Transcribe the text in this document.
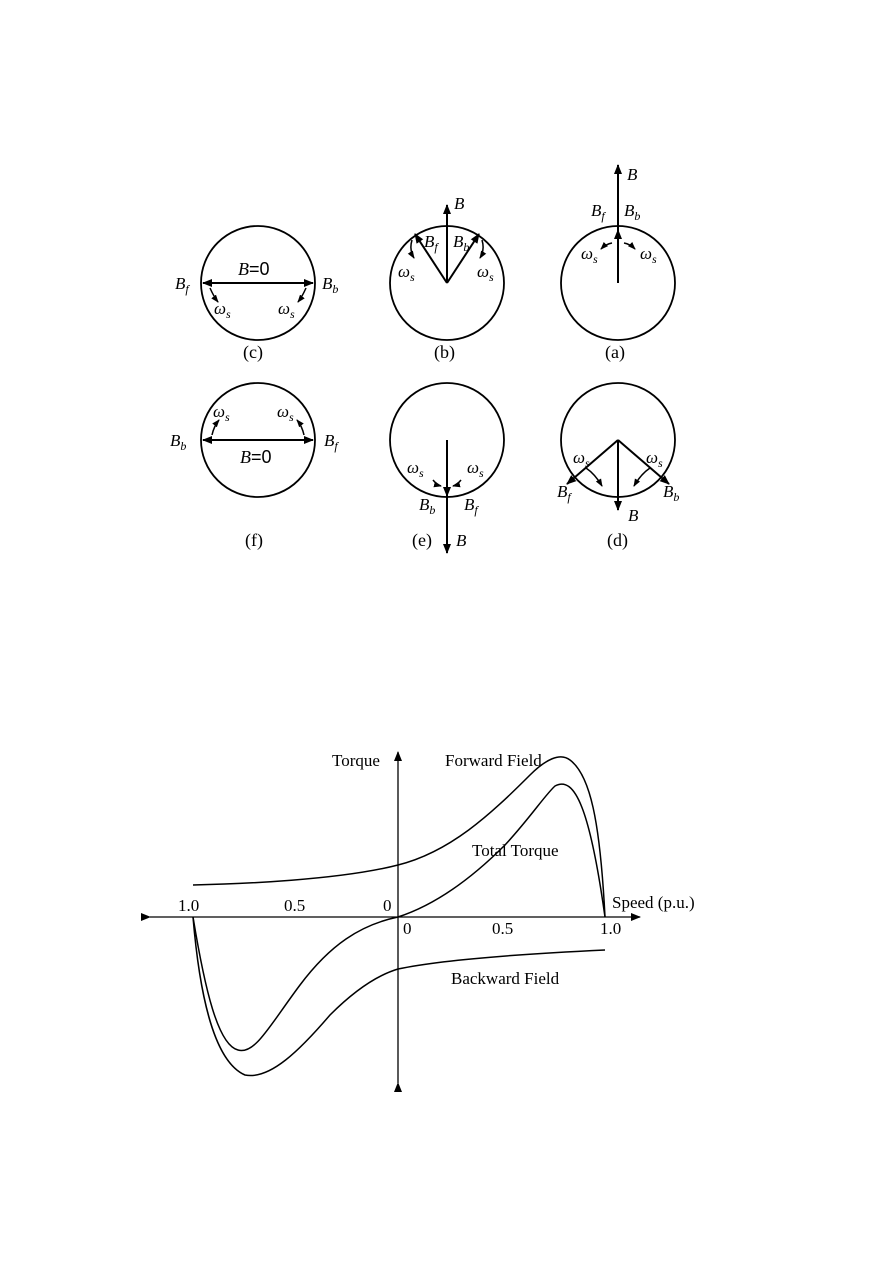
B=0
$B_f$	$B_b$
$\omega_s$	$\omega_s$
(c)
B
$B_f$ $B_b$
$\omega_s$	$\omega_s$
(b)
B
$B_f$ $B_b$
$\omega_s$ $\omega_s$
(a)
B=0
$B_b$	$B_f$
$\omega_s$	$\omega_s$
(f)
$\omega_s$	$\omega_s$
$B_b$ $B_f$
B
(e)
$\omega_s$	$\omega_s$
$B_f$	$B_b$
B
(d)
Torque	Forward Field
Total Torque
Speed (p.u.)
Backward Field
1.0	0.5	0
0	0.5	1.0
